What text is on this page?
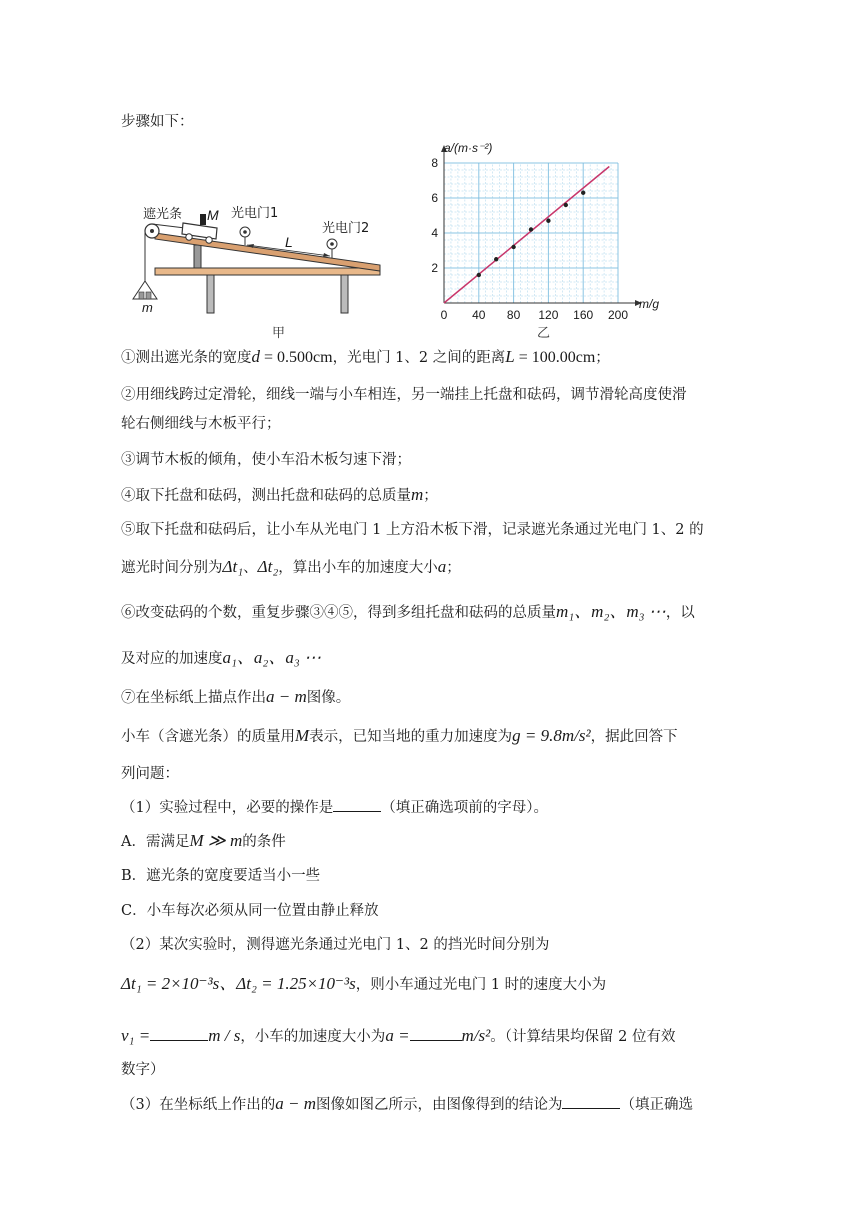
步骤如下：
遮光条 M 光电门1
光电门2
L
m
甲
0 40 80 120 160 200
2
4
6
8
a/(m·s⁻²)
m/g
乙
①测出遮光条的宽度d = 0.500cm，光电门 1、2 之间的距离L = 100.00cm；
②用细线跨过定滑轮，细线一端与小车相连，另一端挂上托盘和砝码，调节滑轮高度使滑
轮右侧细线与木板平行；
③调节木板的倾角，使小车沿木板匀速下滑；
④取下托盘和砝码，测出托盘和砝码的总质量m；
⑤取下托盘和砝码后，让小车从光电门 1 上方沿木板下滑，记录遮光条通过光电门 1、2 的
遮光时间分别为Δt₁、Δt₂，算出小车的加速度大小a；
⑥改变砝码的个数，重复步骤③④⑤，得到多组托盘和砝码的总质量m₁、m₂、m₃ ⋯，以
及对应的加速度a₁、a₂、a₃ ⋯
⑦在坐标纸上描点作出a − m图像。
小车（含遮光条）的质量用M表示，已知当地的重力加速度为g = 9.8m/s²，据此回答下
列问题：
（1）实验过程中，必要的操作是	（填正确选项前的字母）。
A．需满足M ≫ m的条件
B．遮光条的宽度要适当小一些
C．小车每次必须从同一位置由静止释放
（2）某次实验时，测得遮光条通过光电门 1、2 的挡光时间分别为
Δt₁ = 2×10⁻³s、Δt₂ = 1.25×10⁻³s，则小车通过光电门 1 时的速度大小为
v₁ =	m / s，小车的加速度大小为a =	m/s²。（计算结果均保留 2 位有效
数字）
（3）在坐标纸上作出的a − m图像如图乙所示，由图像得到的结论为	（填正确选
